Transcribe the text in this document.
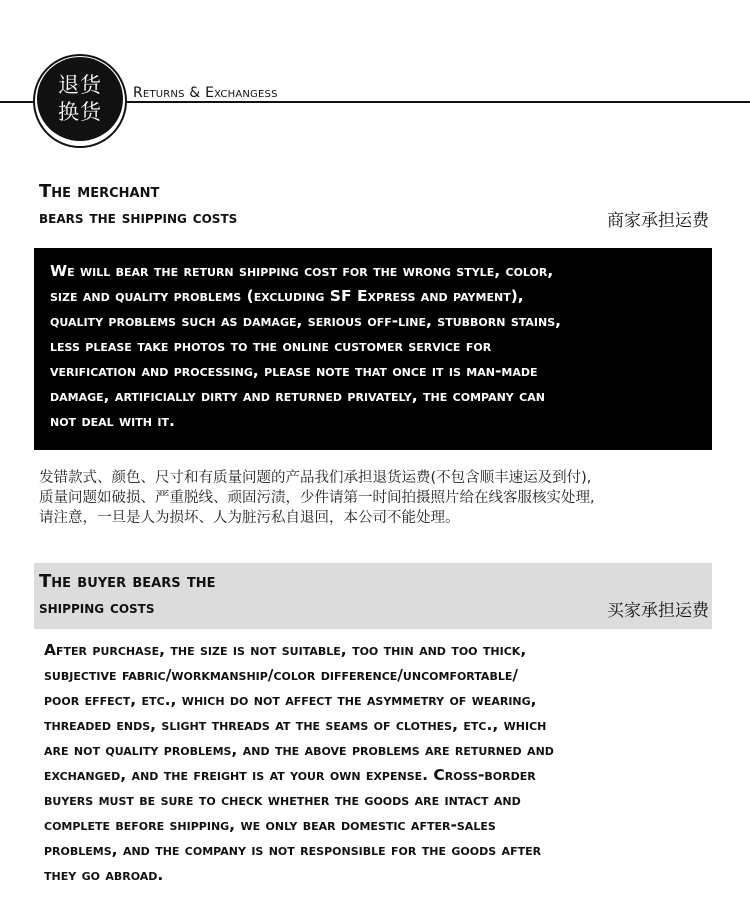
退货
换货
Returns & Exchangess
The merchant
bears the shipping costs	商家承担运费
We will bear the return shipping cost for the wrong style, color,
size and quality problems (excluding SF Express and payment),
quality problems such as damage, serious off-line, stubborn stains,
less please take photos to the online customer service for
verification and processing, please note that once it is man-made
damage, artificially dirty and returned privately, the company can
not deal with it.
发错款式、颜色、尺寸和有质量问题的产品我们承担退货运费(不包含顺丰速运及到付),
质量问题如破损、严重脱线、顽固污渍，少件请第一时间拍摄照片给在线客服核实处理,
请注意，一旦是人为损坏、人为脏污私自退回，本公司不能处理。
The buyer bears the
shipping costs	买家承担运费
After purchase, the size is not suitable, too thin and too thick,
subjective fabric/workmanship/color difference/uncomfortable/
poor effect, etc., which do not affect the asymmetry of wearing,
threaded ends, slight threads at the seams of clothes, etc., which
are not quality problems, and the above problems are returned and
exchanged, and the freight is at your own expense. Cross-border
buyers must be sure to check whether the goods are intact and
complete before shipping, we only bear domestic after-sales
problems, and the company is not responsible for the goods after
they go abroad.
